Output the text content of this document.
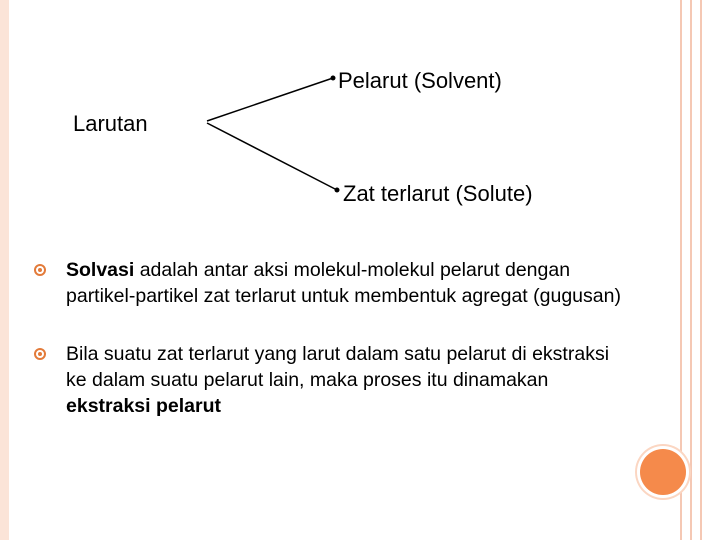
Larutan
Pelarut (Solvent)
Zat terlarut (Solute)
Solvasi adalah antar aksi molekul-molekul pelarut dengan partikel-partikel zat terlarut untuk membentuk agregat (gugusan)
Bila suatu zat terlarut yang larut dalam satu pelarut di ekstraksi ke dalam suatu pelarut lain, maka proses itu dinamakan ekstraksi pelarut
